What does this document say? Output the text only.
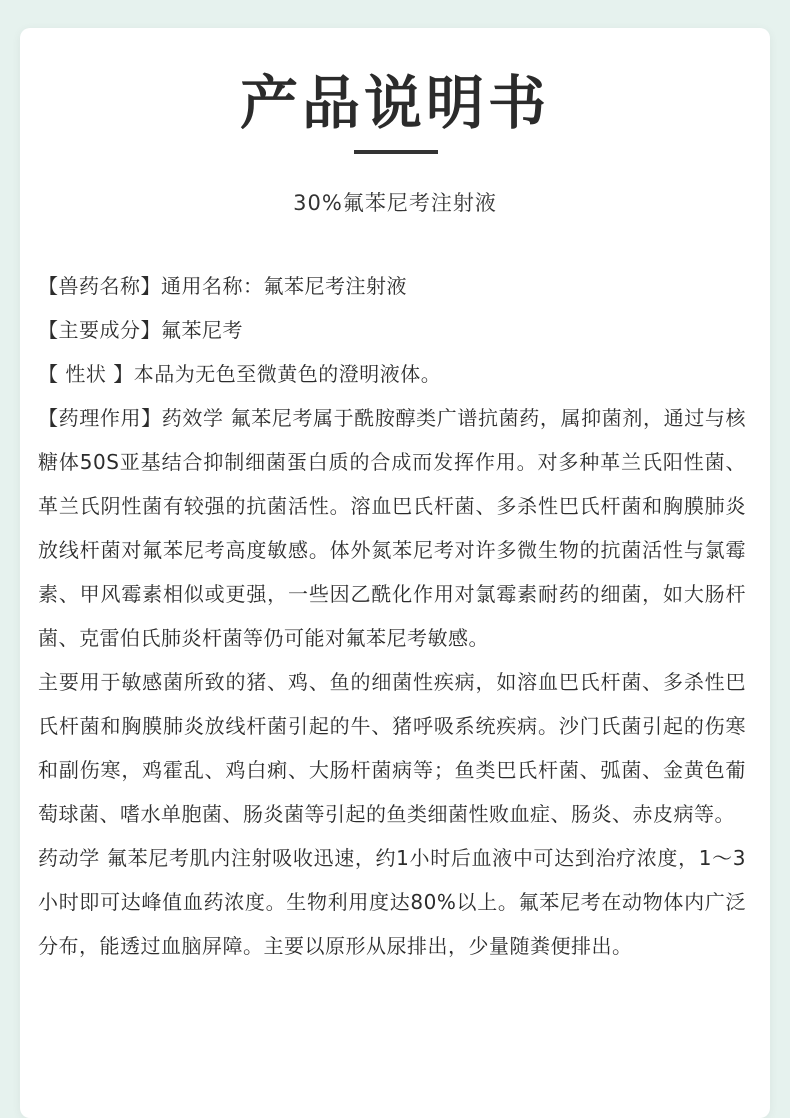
产品说明书
30%氟苯尼考注射液

【兽药名称】通用名称：氟苯尼考注射液

【主要成分】氟苯尼考

【 性状 】本品为无色至微黄色的澄明液体。

【药理作用】药效学 氟苯尼考属于酰胺醇类广谱抗菌药，属抑菌剂，通过与核糖体50S亚基结合抑制细菌蛋白质的合成而发挥作用。对多种革兰氏阳性菌、革兰氏阴性菌有较强的抗菌活性。溶血巴氏杆菌、多杀性巴氏杆菌和胸膜肺炎放线杆菌对氟苯尼考高度敏感。体外氮苯尼考对许多微生物的抗菌活性与氯霉素、甲风霉素相似或更强，一些因乙酰化作用对氯霉素耐药的细菌，如大肠杆菌、克雷伯氏肺炎杆菌等仍可能对氟苯尼考敏感。

主要用于敏感菌所致的猪、鸡、鱼的细菌性疾病，如溶血巴氏杆菌、多杀性巴氏杆菌和胸膜肺炎放线杆菌引起的牛、猪呼吸系统疾病。沙门氏菌引起的伤寒和副伤寒，鸡霍乱、鸡白痢、大肠杆菌病等；鱼类巴氏杆菌、弧菌、金黄色葡萄球菌、嗜水单胞菌、肠炎菌等引起的鱼类细菌性败血症、肠炎、赤皮病等。

药动学 氟苯尼考肌内注射吸收迅速，约1小时后血液中可达到治疗浓度，1～3小时即可达峰值血药浓度。生物利用度达80%以上。氟苯尼考在动物体内广泛分布，能透过血脑屏障。主要以原形从尿排出，少量随粪便排出。
